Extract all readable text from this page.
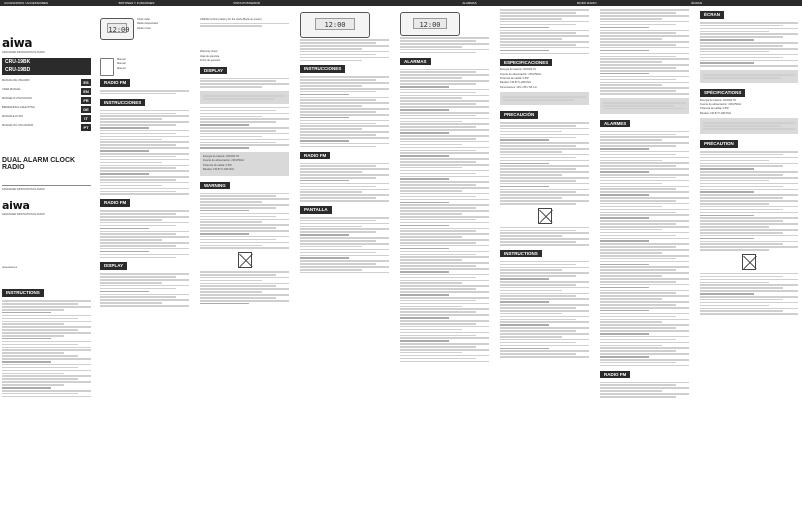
ACCESORIOS / ACCESSOIRES	BOTONES Y FUNCIONES	VISTA POSTERIOR	ALARMAS	MODO RADIO	ÉCRAN
aiwa
ADVANCED INNOVATION IN AUDIO
CRU-19BK
CRU-19BD
MANUAL DE USUARIO	ES
USER MANUAL	EN
MANUEL D'UTILISATION	FR
BEDIENUNGS-ANLEITUNG	DE
MANUALE D'USO	IT
MANUAL DO UTILIZADOR	PT
DUAL ALARM CLOCK RADIO
ADVANCED INNOVATION IN AUDIO
aiwa
ADVANCED INNOVATION IN AUDIO
www.aiwa.es
INSTRUCTIONS
12:00
Clock radio
Radio despertador
Radio réveil
Manual
Manual
Manuel
RADIO FM
INSTRUCCIONES
RADIO FM
DISPLAY
CR2032 Lithium battery for the clock (Back-up power)
Warranty sheet
Hoja de garantía
Fiche de garantie
DISPLAY
Energía de bateria: CR2032 3V
Fuente de alimentación: 230V/50Hz
Potencia de salida: 0.5W
Bandas: FM 87.5-108 MHz
WARNING
12:00
INSTRUCCIONES
RADIO FM
PANTALLA
12:00
ALARMAS	ESPECIFICACIONES
Energía de bateria: CR2032 3V
Fuente de alimentación: 230V/50Hz
Potencia de salida: 0.5W
Bandas: FM 87.5-108 MHz
Dimensiones: 125 x 88 x 58 mm
PRECAUCIÓN
INSTRUCTIONS
ALARMES
RADIO FM
ÉCRAN
SPÉCIFICATIONS
Energía de bateria: CR2032 3V
Fuente de alimentación: 230V/50Hz
Potencia de salida: 0.5W
Bandas: FM 87.5-108 MHz
PRÉCAUTION
